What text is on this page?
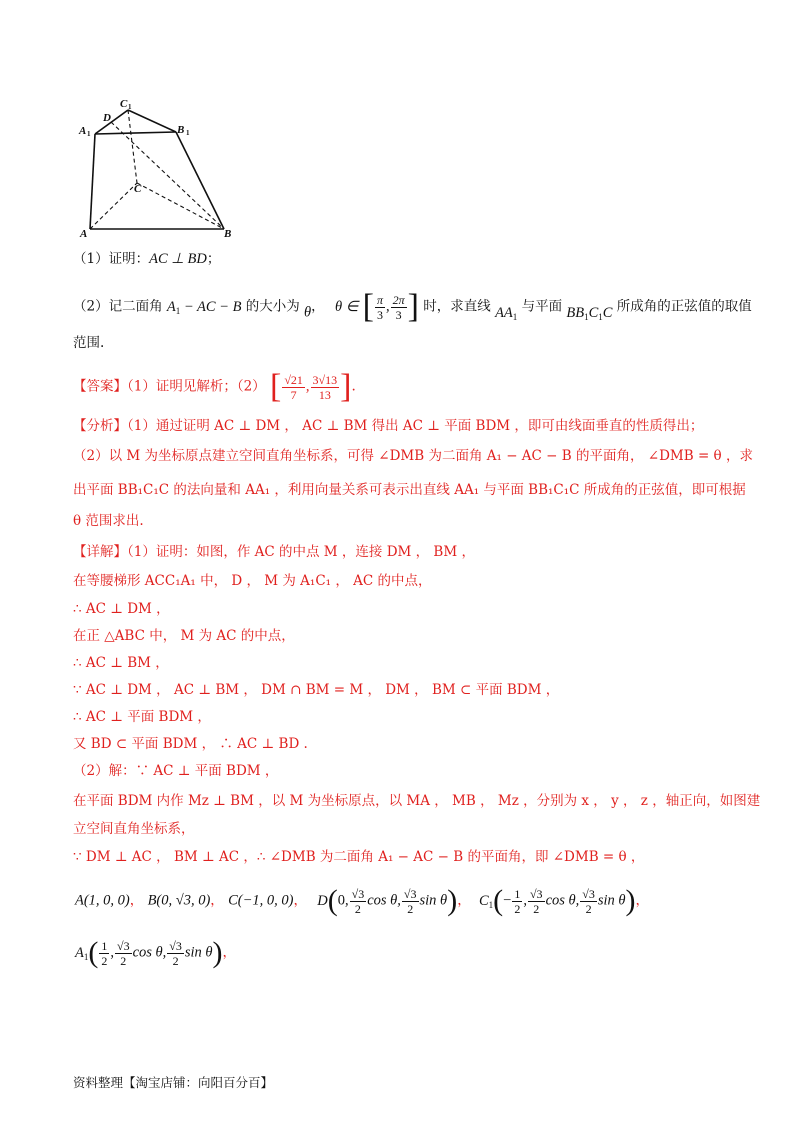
C 1
A 1	B 1
D
C
A	B
（1）证明：AC ⊥ BD；
（2）记二面角 $A_1$ − AC − B 的大小为 θ， θ ∈ [ $\frac{\pi}{3}$ , $\frac{2\pi}{3}$ ] 时，求直线 $AA_1$ 与平面 $BB_1C_1C$ 所成角的正弦值的取值
范围.
【答案】（1）证明见解析；（2） [ $\frac{√21}{7}$ , $\frac{3√13}{13}$ ].
【分析】（1）通过证明 AC ⊥ DM ， AC ⊥ BM 得出 AC ⊥ 平面 BDM ，即可由线面垂直的性质得出；
（2）以 M 为坐标原点建立空间直角坐标系，可得 ∠DMB 为二面角 A₁ − AC − B 的平面角， ∠DMB = θ ，求
出平面 BB₁C₁C 的法向量和 AA₁ ，利用向量关系可表示出直线 AA₁ 与平面 BB₁C₁C 所成角的正弦值，即可根据
θ 范围求出.
【详解】（1）证明：如图，作 AC 的中点 M ，连接 DM ， BM ，
在等腰梯形 ACC₁A₁ 中， D ， M 为 A₁C₁ ， AC 的中点，
∴ AC ⊥ DM ，
在正 △ABC 中， M 为 AC 的中点，
∴ AC ⊥ BM ，
∵ AC ⊥ DM ， AC ⊥ BM ， DM ∩ BM = M ， DM ， BM ⊂ 平面 BDM ，
∴ AC ⊥ 平面 BDM ，
又 BD ⊂ 平面 BDM ， ∴ AC ⊥ BD .
（2）解：∵ AC ⊥ 平面 BDM ，
在平面 BDM 内作 Mz ⊥ BM ，以 M 为坐标原点，以 MA ， MB ， Mz ，分别为 x ， y ， z ，轴正向，如图建
立空间直角坐标系，
∵ DM ⊥ AC ， BM ⊥ AC ，∴ ∠DMB 为二面角 A₁ − AC − B 的平面角，即 ∠DMB = θ ，
A(1, 0, 0)， B(0, √3, 0)， C(−1, 0, 0)， D(0, $\frac{√3}{2}$ cos θ, $\frac{√3}{2}$ sin θ)， $C_1(- \frac{1}{2}$ , $\frac{√3}{2}$ cos θ, $\frac{√3}{2}$ sin θ)，
$A_1( \frac{1}{2}$ , $\frac{√3}{2}$ cos θ, $\frac{√3}{2}$ sin θ)，
资料整理【淘宝店铺：向阳百分百】
